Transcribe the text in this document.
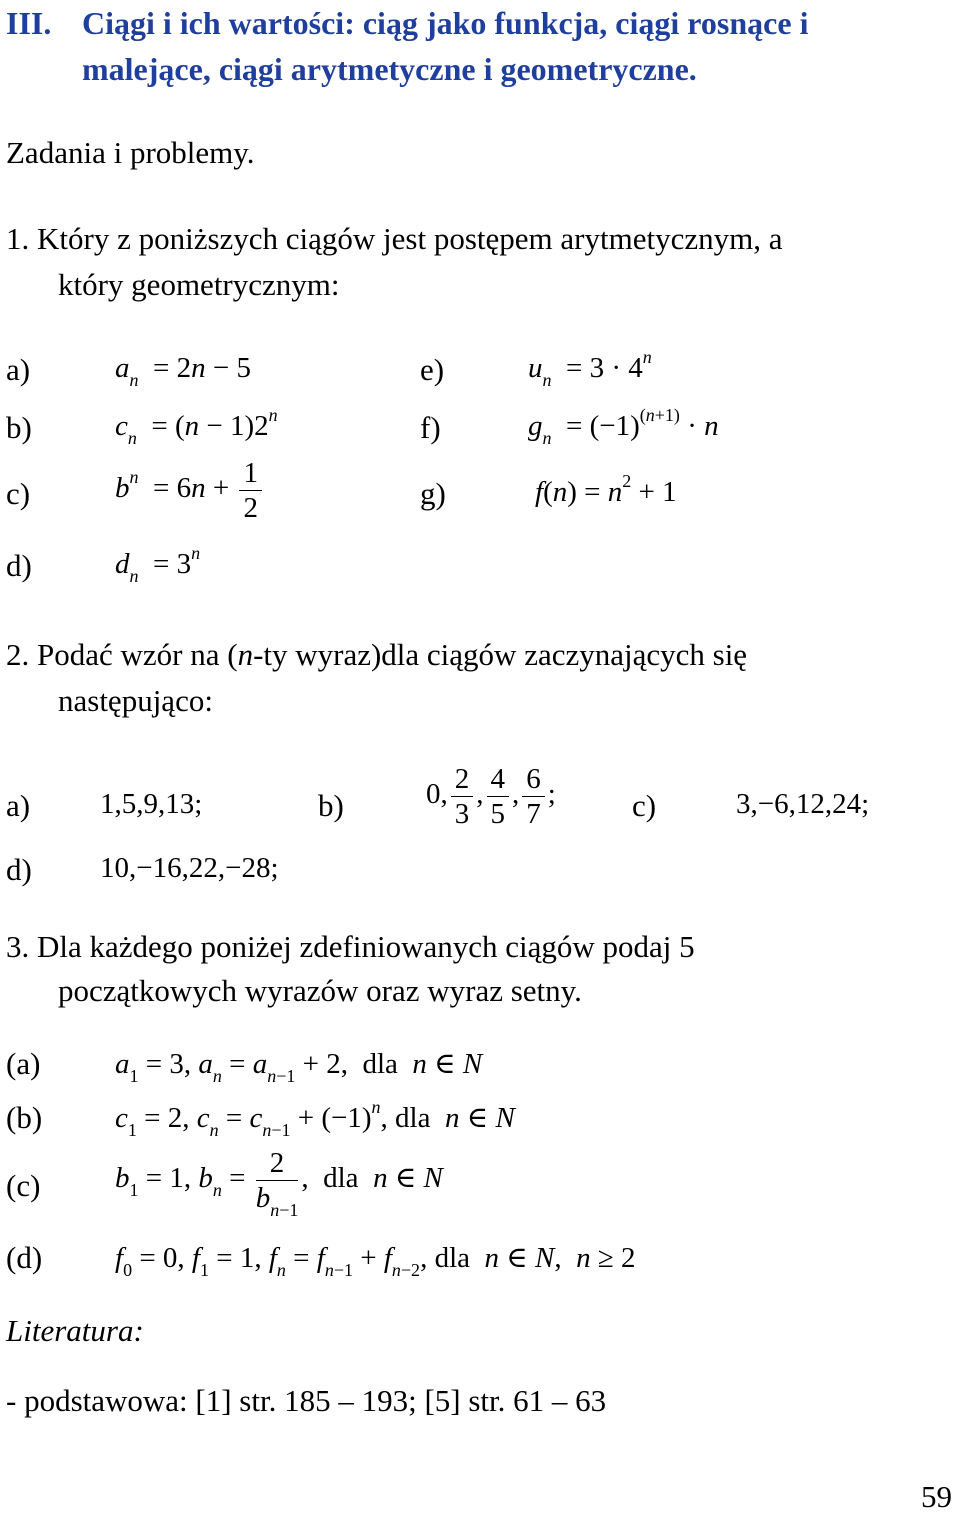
III. Ciągi i ich wartości: ciąg jako funkcja, ciągi rosnące i
malejące, ciągi arytmetyczne i geometryczne.
Zadania i problemy.
1. Który z poniższych ciągów jest postępem arytmetycznym, a
który geometrycznym:
a)	$a_n = 2n - 5$
b)	$c_n = (n - 1)2^n$
c)	$b^n = 6n + \frac{1}{2}$
d)	$d_n = 3^n$
e)	$u_n = 3 \cdot 4^n$
f)	$g_n = (-1)^{(n+1)} \cdot n$
g)	$f(n) = n^2 + 1$
2. Podać wzór na (n-ty wyraz)dla ciągów zaczynających się
następująco:
a) 1,5,9,13;	b)	0, $\frac{2}{3}$ , $\frac{4}{5}$ , $\frac{6}{7}$ ; c)	3,−6,12,24;
d) 10,−16,22,−28;
3. Dla każdego poniżej zdefiniowanych ciągów podaj 5
początkowych wyrazów oraz wyraz setny.
(a)	$a_1 = 3$, $a_n = a_{n-1} + 2$,  dla n ∈ N
(b)	$c_1 = 2$, $c_n = c_{n-1} + (-1)^n$, dla n ∈ N
(c)	$b_1 = 1$, $b_n = \frac{2}{b_{n-1}}$ ,  dla n ∈ N
(d)	$f_0 = 0$, $f_1 = 1$, $f_n = f_{n-1} + f_{n-2}$, dla n ∈ N,  n ≥ 2
Literatura:
- podstawowa: [1] str. 185 – 193; [5] str. 61 – 63
59
